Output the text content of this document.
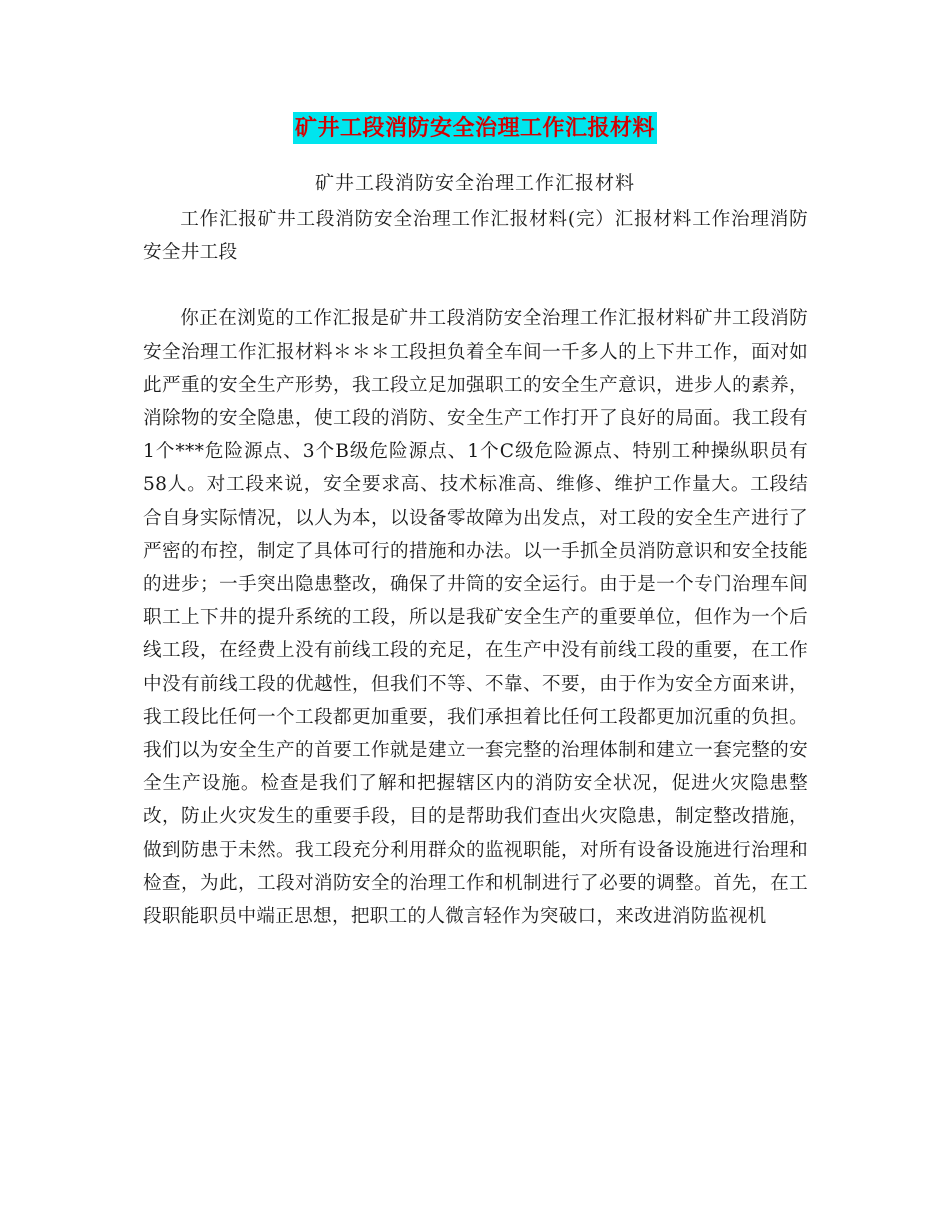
矿井工段消防安全治理工作汇报材料
矿井工段消防安全治理工作汇报材料

工作汇报矿井工段消防安全治理工作汇报材料(完）汇报材料工作治理消防安全井工段

你正在浏览的工作汇报是矿井工段消防安全治理工作汇报材料矿井工段消防安全治理工作汇报材料＊＊＊工段担负着全车间一千多人的上下井工作，面对如此严重的安全生产形势，我工段立足加强职工的安全生产意识，进步人的素养，消除物的安全隐患，使工段的消防、安全生产工作打开了良好的局面。我工段有1个***危险源点、3个B级危险源点、1个C级危险源点、特别工种操纵职员有58人。对工段来说，安全要求高、技术标准高、维修、维护工作量大。工段结合自身实际情况，以人为本，以设备零故障为出发点，对工段的安全生产进行了严密的布控，制定了具体可行的措施和办法。以一手抓全员消防意识和安全技能的进步；一手突出隐患整改，确保了井筒的安全运行。由于是一个专门治理车间职工上下井的提升系统的工段，所以是我矿安全生产的重要单位，但作为一个后线工段，在经费上没有前线工段的充足，在生产中没有前线工段的重要，在工作中没有前线工段的优越性，但我们不等、不靠、不要，由于作为安全方面来讲，我工段比任何一个工段都更加重要，我们承担着比任何工段都更加沉重的负担。我们以为安全生产的首要工作就是建立一套完整的治理体制和建立一套完整的安全生产设施。检查是我们了解和把握辖区内的消防安全状况，促进火灾隐患整改，防止火灾发生的重要手段，目的是帮助我们查出火灾隐患，制定整改措施，做到防患于未然。我工段充分利用群众的监视职能，对所有设备设施进行治理和检查，为此，工段对消防安全的治理工作和机制进行了必要的调整。首先，在工段职能职员中端正思想，把职工的人微言轻作为突破口，来改进消防监视机
